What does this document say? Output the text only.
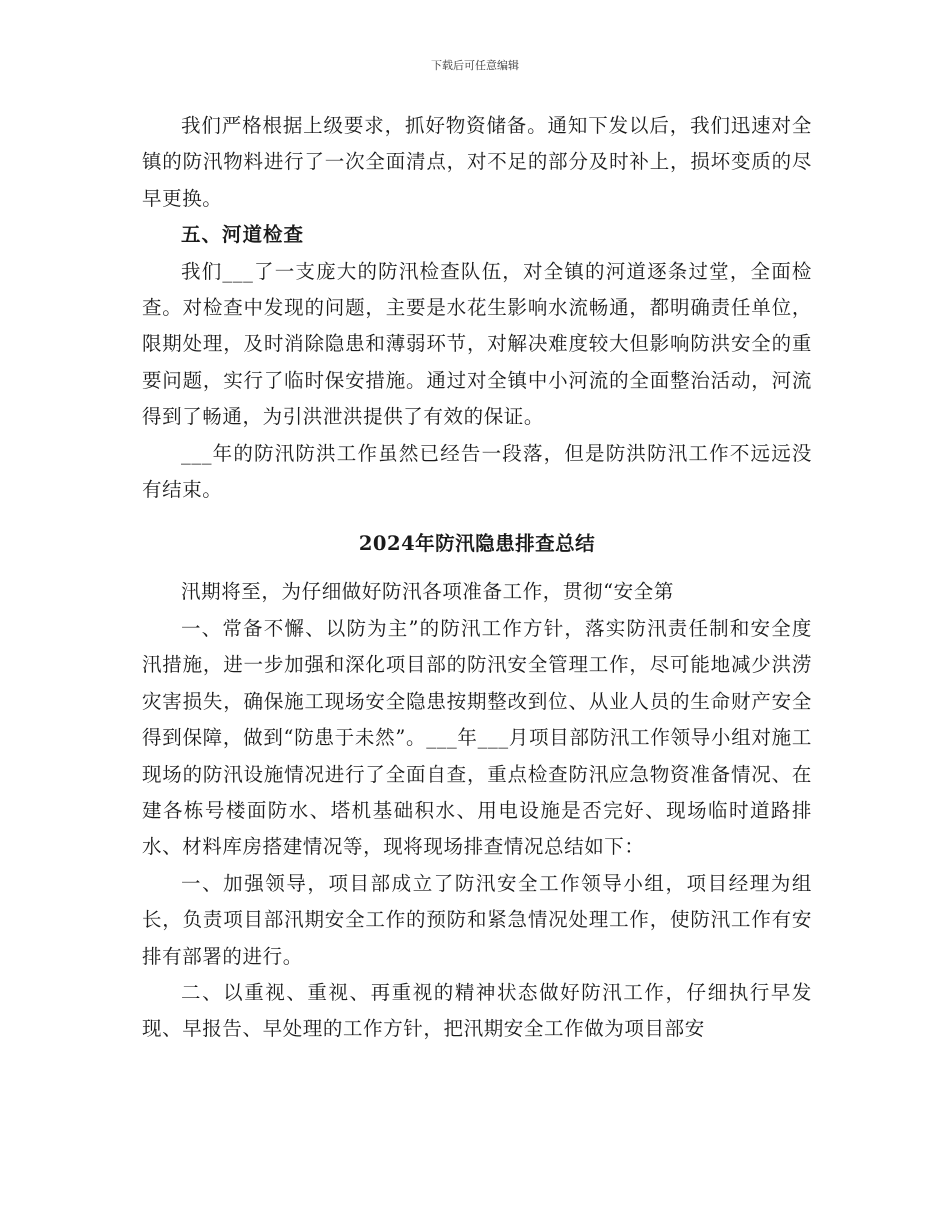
下载后可任意编辑

我们严格根据上级要求，抓好物资储备。通知下发以后，我们迅速对全镇的防汛物料进行了一次全面清点，对不足的部分及时补上，损坏变质的尽早更换。

五、河道检查

我们___了一支庞大的防汛检查队伍，对全镇的河道逐条过堂，全面检查。对检查中发现的问题，主要是水花生影响水流畅通，都明确责任单位，限期处理，及时消除隐患和薄弱环节，对解决难度较大但影响防洪安全的重要问题，实行了临时保安措施。通过对全镇中小河流的全面整治活动，河流得到了畅通，为引洪泄洪提供了有效的保证。

___年的防汛防洪工作虽然已经告一段落，但是防洪防汛工作不远远没有结束。

2024年防汛隐患排查总结

汛期将至，为仔细做好防汛各项准备工作，贯彻“安全第

一、常备不懈、以防为主”的防汛工作方针，落实防汛责任制和安全度汛措施，进一步加强和深化项目部的防汛安全管理工作，尽可能地减少洪涝灾害损失，确保施工现场安全隐患按期整改到位、从业人员的生命财产安全得到保障，做到“防患于未然”。___年___月项目部防汛工作领导小组对施工现场的防汛设施情况进行了全面自查，重点检查防汛应急物资准备情况、在建各栋号楼面防水、塔机基础积水、用电设施是否完好、现场临时道路排水、材料库房搭建情况等，现将现场排查情况总结如下：

一、加强领导，项目部成立了防汛安全工作领导小组，项目经理为组长，负责项目部汛期安全工作的预防和紧急情况处理工作，使防汛工作有安排有部署的进行。

二、以重视、重视、再重视的精神状态做好防汛工作，仔细执行早发现、早报告、早处理的工作方针，把汛期安全工作做为项目部安
